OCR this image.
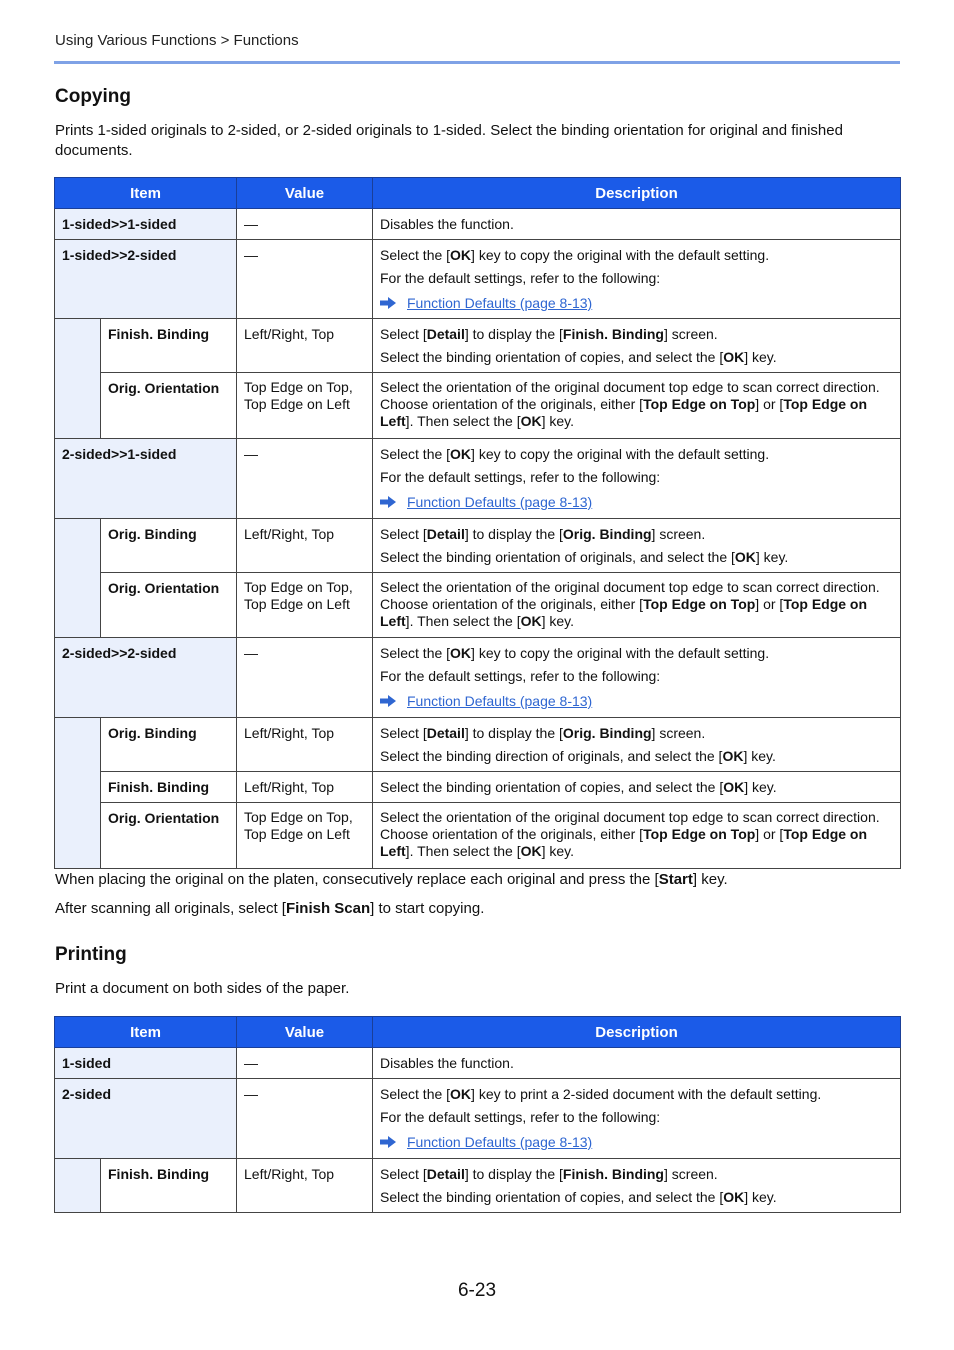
Using Various Functions > Functions
Copying

Prints 1-sided originals to 2-sided, or 2-sided originals to 1-sided. Select the binding orientation for original and finished documents.

Item		Value	Description
1-sided>>1-sided		—	Disables the function.

1-sided>>2-sided		—	Select the [OK] key to copy the original with the default setting.
For the default settings, refer to the following:
Function Defaults (page 8-13)

	Finish. Binding	Left/Right, Top	Select [Detail] to display the [Finish. Binding] screen.
Select the binding orientation of copies, and select the [OK] key.

	Orig. Orientation	Top Edge on Top, Top Edge on Left	Select the orientation of the original document top edge to scan correct direction. Choose orientation of the originals, either [Top Edge on Top] or [Top Edge on Left]. Then select the [OK] key.

2-sided>>1-sided		—	Select the [OK] key to copy the original with the default setting.
For the default settings, refer to the following:
Function Defaults (page 8-13)

	Orig. Binding	Left/Right, Top	Select [Detail] to display the [Orig. Binding] screen.
Select the binding orientation of originals, and select the [OK] key.

	Orig. Orientation	Top Edge on Top, Top Edge on Left	Select the orientation of the original document top edge to scan correct direction. Choose orientation of the originals, either [Top Edge on Top] or [Top Edge on Left]. Then select the [OK] key.

2-sided>>2-sided		—	Select the [OK] key to copy the original with the default setting.
For the default settings, refer to the following:
Function Defaults (page 8-13)

	Orig. Binding	Left/Right, Top	Select [Detail] to display the [Orig. Binding] screen.
Select the binding direction of originals, and select the [OK] key.

	Finish. Binding	Left/Right, Top	Select the binding orientation of copies, and select the [OK] key.

	Orig. Orientation	Top Edge on Top, Top Edge on Left	Select the orientation of the original document top edge to scan correct direction. Choose orientation of the originals, either [Top Edge on Top] or [Top Edge on Left]. Then select the [OK] key.

When placing the original on the platen, consecutively replace each original and press the [Start] key.

After scanning all originals, select [Finish Scan] to start copying.

Printing

Print a document on both sides of the paper.

Item		Value	Description
1-sided		—	Disables the function.

2-sided		—	Select the [OK] key to print a 2-sided document with the default setting.
For the default settings, refer to the following:
Function Defaults (page 8-13)

	Finish. Binding	Left/Right, Top	Select [Detail] to display the [Finish. Binding] screen.
Select the binding orientation of copies, and select the [OK] key.
6-23
